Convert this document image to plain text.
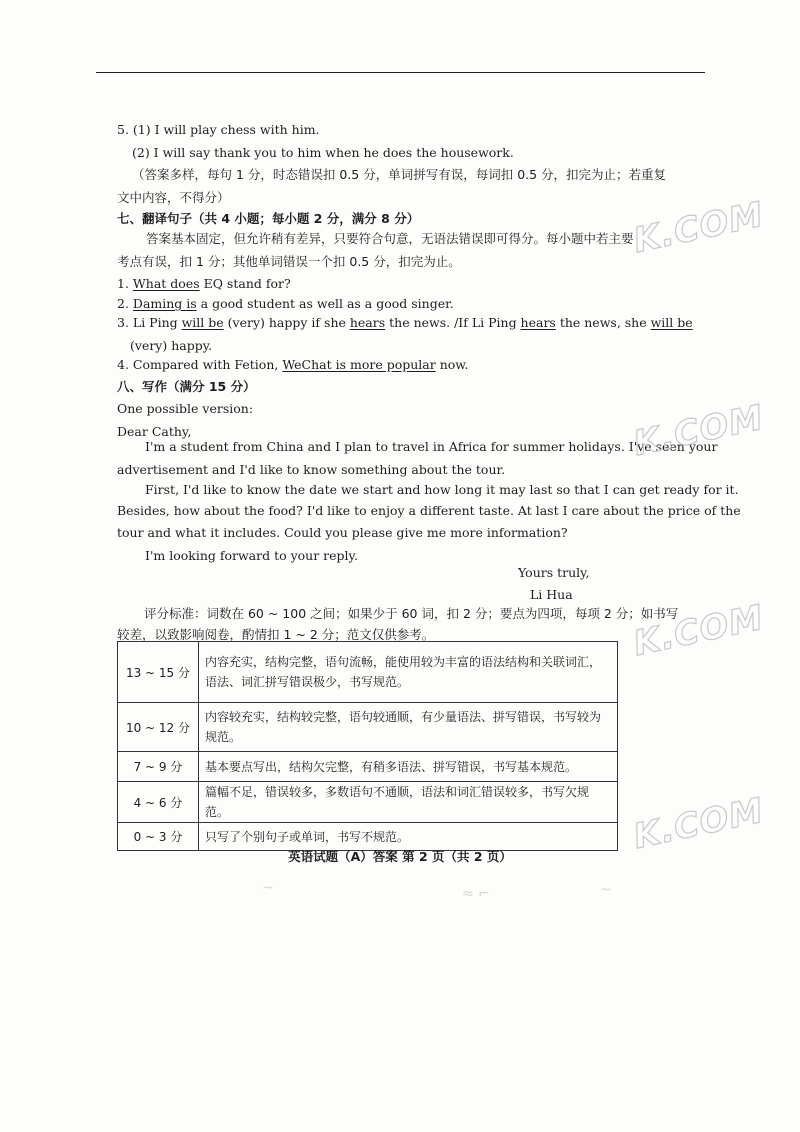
5. (1) I will play chess with him.
(2) I will say thank you to him when he does the housework.
（答案多样，每句 1 分，时态错误扣 0.5 分，单词拼写有误，每词扣 0.5 分，扣完为止；若重复
文中内容，不得分）
七、翻译句子（共 4 小题；每小题 2 分，满分 8 分）
答案基本固定，但允许稍有差异，只要符合句意，无语法错误即可得分。每小题中若主要
考点有误，扣 1 分；其他单词错误一个扣 0.5 分，扣完为止。
1. What does EQ stand for?
2. Daming is a good student as well as a good singer.
3. Li Ping will be (very) happy if she hears the news. /If Li Ping hears the news, she will be
(very) happy.
4. Compared with Fetion, WeChat is more popular now.
八、写作（满分 15 分）
One possible version:
Dear Cathy,
I'm a student from China and I plan to travel in Africa for summer holidays. I've seen your
advertisement and I'd like to know something about the tour.
First, I'd like to know the date we start and how long it may last so that I can get ready for it.
Besides, how about the food? I'd like to enjoy a different taste. At last I care about the price of the
tour and what it includes. Could you please give me more information?
I'm looking forward to your reply.
Yours truly,
Li Hua
评分标准：词数在 60 ~ 100 之间；如果少于 60 词，扣 2 分；要点为四项，每项 2 分；如书写
较差，以致影响阅卷，酌情扣 1 ~ 2 分；范文仅供参考。
13 ~ 15 分	内容充实，结构完整，语句流畅，能使用较为丰富的语法结构和关联词汇，语法、词汇拼写错误极少，书写规范。
10 ~ 12 分	内容较充实，结构较完整，语句较通顺，有少量语法、拼写错误，书写较为规范。
7 ~ 9 分	基本要点写出，结构欠完整，有稍多语法、拼写错误，书写基本规范。
4 ~ 6 分	篇幅不足，错误较多，多数语句不通顺，语法和词汇错误较多，书写欠规范。
0 ~ 3 分	只写了个别句子或单词，书写不规范。
英语试题（A）答案 第 2 页（共 2 页）
K.COM
K.COM
K.COM
K.COM
~	≈ ⌐	~
